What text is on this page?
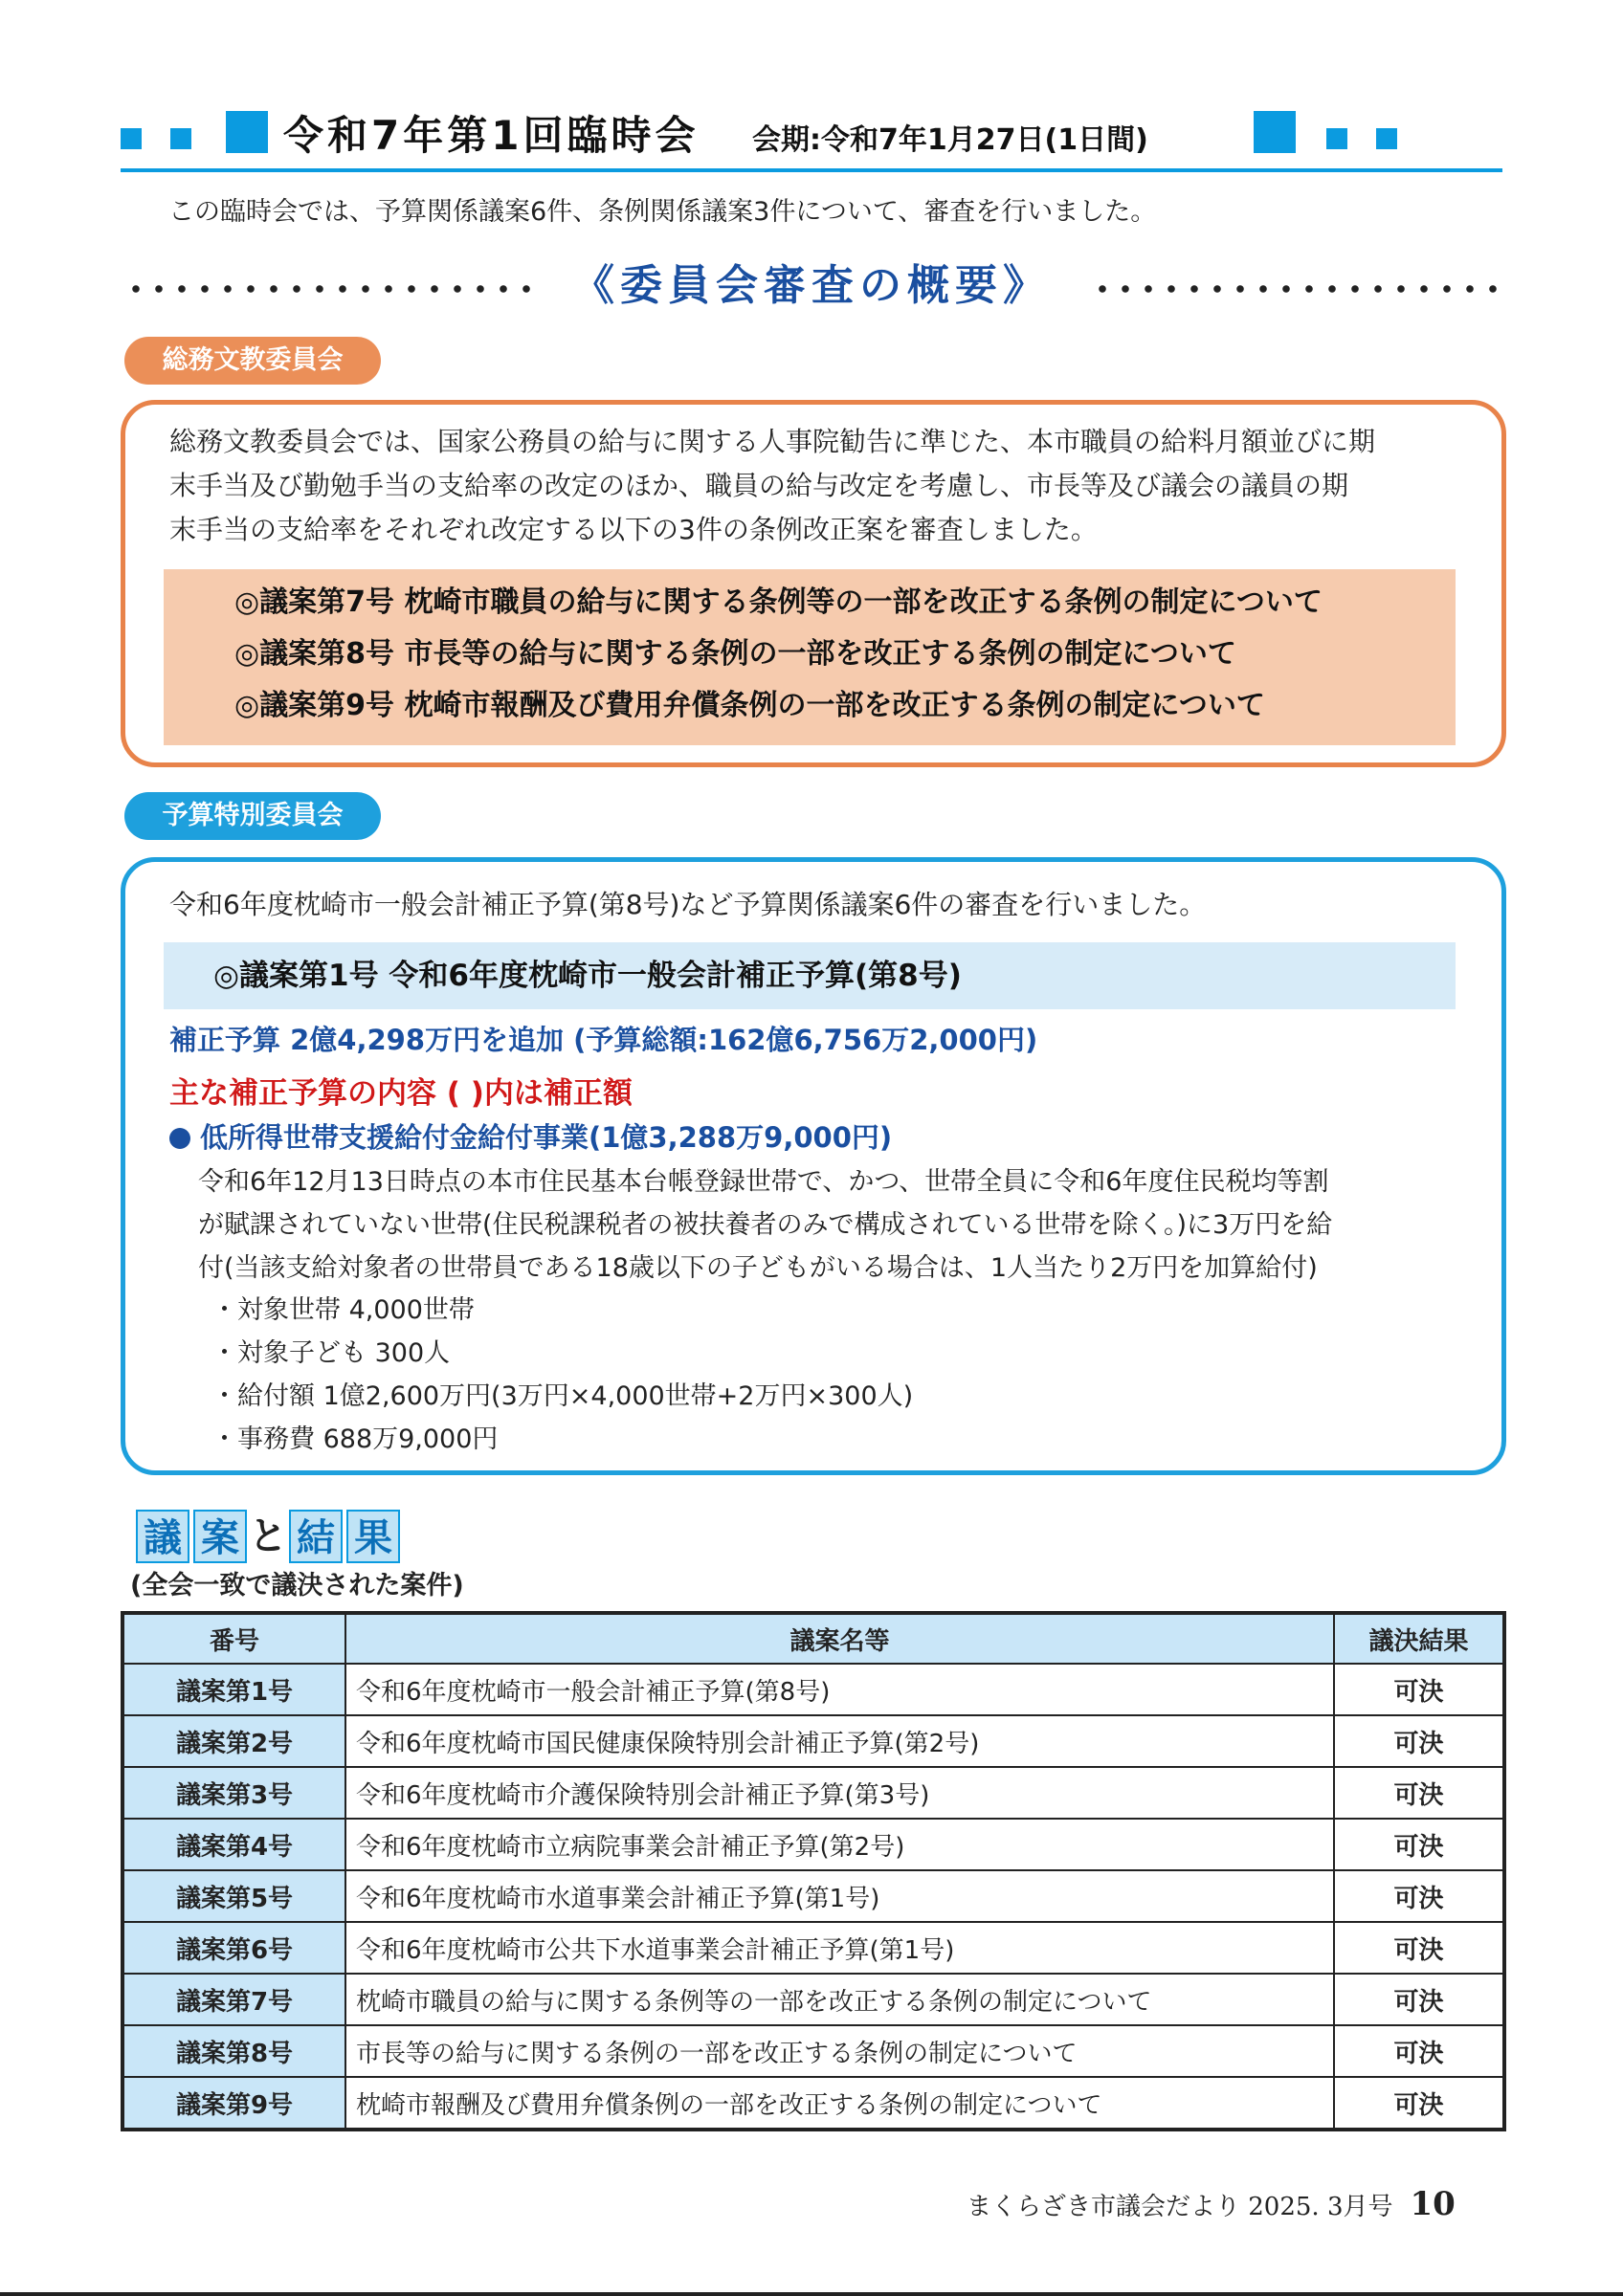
令和7年第1回臨時会 会期:令和7年1月27日(1日間)
この臨時会では、予算関係議案6件、条例関係議案3件について、審査を行いました。
《委員会審査の概要》
総務文教委員会
総務文教委員会では、国家公務員の給与に関する人事院勧告に準じた、本市職員の給料月額並びに期
末手当及び勤勉手当の支給率の改定のほか、職員の給与改定を考慮し、市長等及び議会の議員の期
末手当の支給率をそれぞれ改定する以下の3件の条例改正案を審査しました。
◎議案第7号 枕崎市職員の給与に関する条例等の一部を改正する条例の制定について
◎議案第8号 市長等の給与に関する条例の一部を改正する条例の制定について
◎議案第9号 枕崎市報酬及び費用弁償条例の一部を改正する条例の制定について
予算特別委員会
令和6年度枕崎市一般会計補正予算(第8号)など予算関係議案6件の審査を行いました。
◎議案第1号 令和6年度枕崎市一般会計補正予算(第8号)
補正予算 2億4,298万円を追加 (予算総額:162億6,756万2,000円)
主な補正予算の内容 ( )内は補正額
低所得世帯支援給付金給付事業(1億3,288万9,000円)
令和6年12月13日時点の本市住民基本台帳登録世帯で、かつ、世帯全員に令和6年度住民税均等割
が賦課されていない世帯(住民税課税者の被扶養者のみで構成されている世帯を除く。)に3万円を給
付(当該支給対象者の世帯員である18歳以下の子どもがいる場合は、1人当たり2万円を加算給付)
・対象世帯 4,000世帯
・対象子ども 300人
・給付額 1億2,600万円(3万円×4,000世帯+2万円×300人)
・事務費 688万9,000円
議 案 と 結 果
(全会一致で議決された案件)
番号	議案名等	議決結果
議案第1号	令和6年度枕崎市一般会計補正予算(第8号)	可決
議案第2号	令和6年度枕崎市国民健康保険特別会計補正予算(第2号)	可決
議案第3号	令和6年度枕崎市介護保険特別会計補正予算(第3号)	可決
議案第4号	令和6年度枕崎市立病院事業会計補正予算(第2号)	可決
議案第5号	令和6年度枕崎市水道事業会計補正予算(第1号)	可決
議案第6号	令和6年度枕崎市公共下水道事業会計補正予算(第1号)	可決
議案第7号	枕崎市職員の給与に関する条例等の一部を改正する条例の制定について	可決
議案第8号	市長等の給与に関する条例の一部を改正する条例の制定について	可決
議案第9号	枕崎市報酬及び費用弁償条例の一部を改正する条例の制定について	可決
まくらざき市議会だより 2025. 3月号 10
